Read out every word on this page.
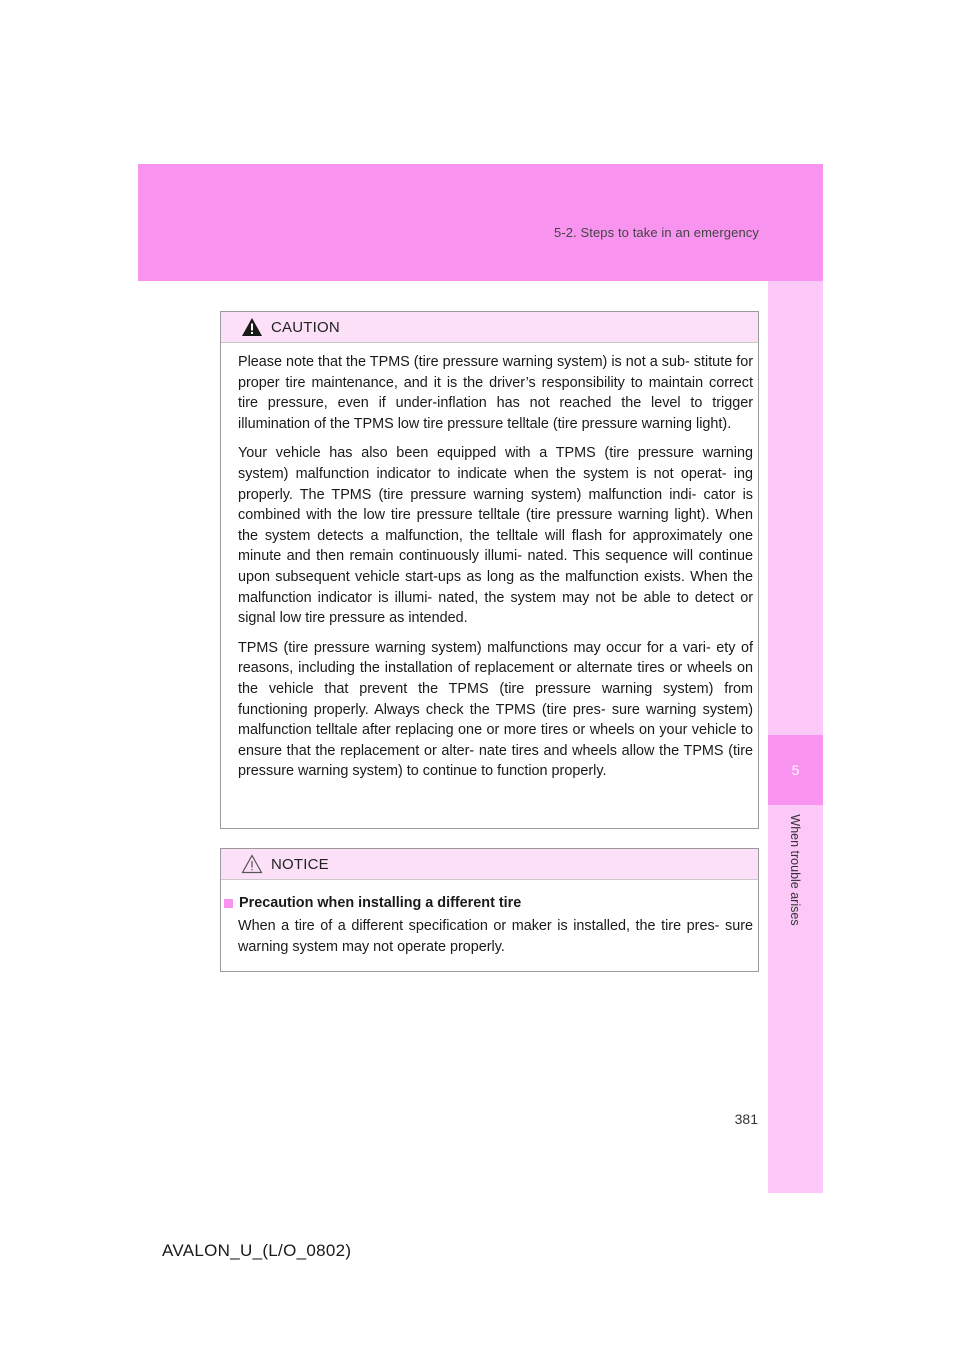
5-2. Steps to take in an emergency
5
When trouble arises
CAUTION

Please note that the TPMS (tire pressure warning system) is not a sub- stitute for proper tire maintenance, and it is the driver’s responsibility to maintain correct tire pressure, even if under-inflation has not reached the level to trigger illumination of the TPMS low tire pressure telltale (tire pressure warning light).

Your vehicle has also been equipped with a TPMS (tire pressure warning system) malfunction indicator to indicate when the system is not operat- ing properly. The TPMS (tire pressure warning system) malfunction indi- cator is combined with the low tire pressure telltale (tire pressure warning light). When the system detects a malfunction, the telltale will flash for approximately one minute and then remain continuously illumi- nated. This sequence will continue upon subsequent vehicle start-ups as long as the malfunction exists. When the malfunction indicator is illumi- nated, the system may not be able to detect or signal low tire pressure as intended.

TPMS (tire pressure warning system) malfunctions may occur for a vari- ety of reasons, including the installation of replacement or alternate tires or wheels on the vehicle that prevent the TPMS (tire pressure warning system) from functioning properly. Always check the TPMS (tire pres- sure warning system) malfunction telltale after replacing one or more tires or wheels on your vehicle to ensure that the replacement or alter- nate tires and wheels allow the TPMS (tire pressure warning system) to continue to function properly.

NOTICE
Precaution when installing a different tire

When a tire of a different specification or maker is installed, the tire pres- sure warning system may not operate properly.

381
AVALON_U_(L/O_0802)
